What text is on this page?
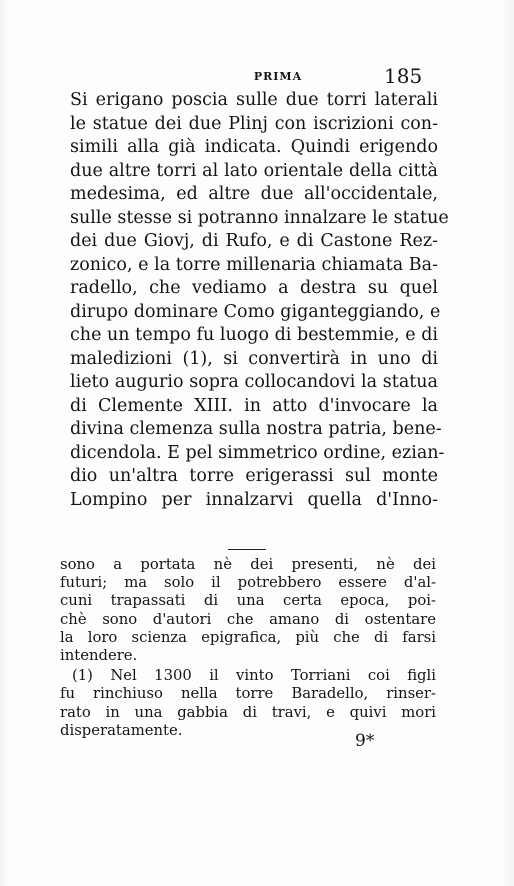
PRIMA	185
Si erigano poscia sulle due torri laterali
le statue dei due Plinj con iscrizioni con-
simili alla già indicata. Quindi erigendo
due altre torri al lato orientale della città
medesima, ed altre due all'occidentale,
sulle stesse si potranno innalzare le statue
dei due Giovj, di Rufo, e di Castone Rez-
zonico, e la torre millenaria chiamata Ba-
radello, che vediamo a destra su quel
dirupo dominare Como giganteggiando, e
che un tempo fu luogo di bestemmie, e di
maledizioni (1), si convertirà in uno di
lieto augurio sopra collocandovi la statua
di Clemente XIII. in atto d'invocare la
divina clemenza sulla nostra patria, bene-
dicendola. E pel simmetrico ordine, ezian-
dio un'altra torre erigerassi sul monte
Lompino per innalzarvi quella d'Inno-
sono a portata nè dei presenti, nè dei
futuri; ma solo il potrebbero essere d'al-
cuni trapassati di una certa epoca, poi-
chè sono d'autori che amano di ostentare
la loro scienza epigrafica, più che di farsi
intendere.
(1) Nel 1300 il vinto Torriani coi figli
fu rinchiuso nella torre Baradello, rinser-
rato in una gabbia di travi, e quivi mori
disperatamente.
9*
